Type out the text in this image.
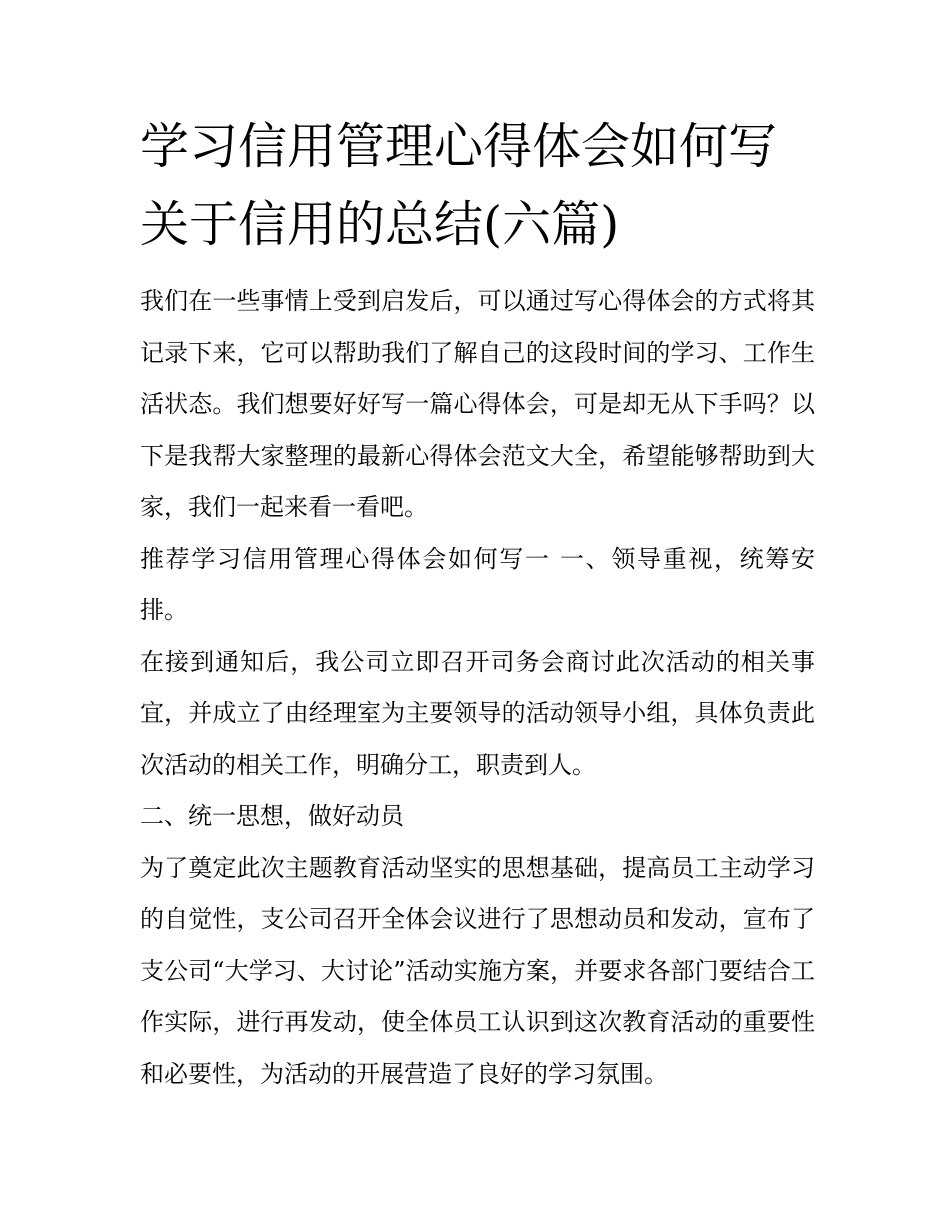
学习信用管理心得体会如何写 关于信用的总结(六篇)

我们在一些事情上受到启发后，可以通过写心得体会的方式将其记录下来，它可以帮助我们了解自己的这段时间的学习、工作生活状态。我们想要好好写一篇心得体会，可是却无从下手吗？以下是我帮大家整理的最新心得体会范文大全，希望能够帮助到大家，我们一起来看一看吧。

推荐学习信用管理心得体会如何写一 一、领导重视，统筹安排。

在接到通知后，我公司立即召开司务会商讨此次活动的相关事宜，并成立了由经理室为主要领导的活动领导小组，具体负责此次活动的相关工作，明确分工，职责到人。

二、统一思想，做好动员

为了奠定此次主题教育活动坚实的思想基础，提高员工主动学习的自觉性，支公司召开全体会议进行了思想动员和发动，宣布了支公司“大学习、大讨论”活动实施方案，并要求各部门要结合工作实际，进行再发动，使全体员工认识到这次教育活动的重要性和必要性，为活动的开展营造了良好的学习氛围。
